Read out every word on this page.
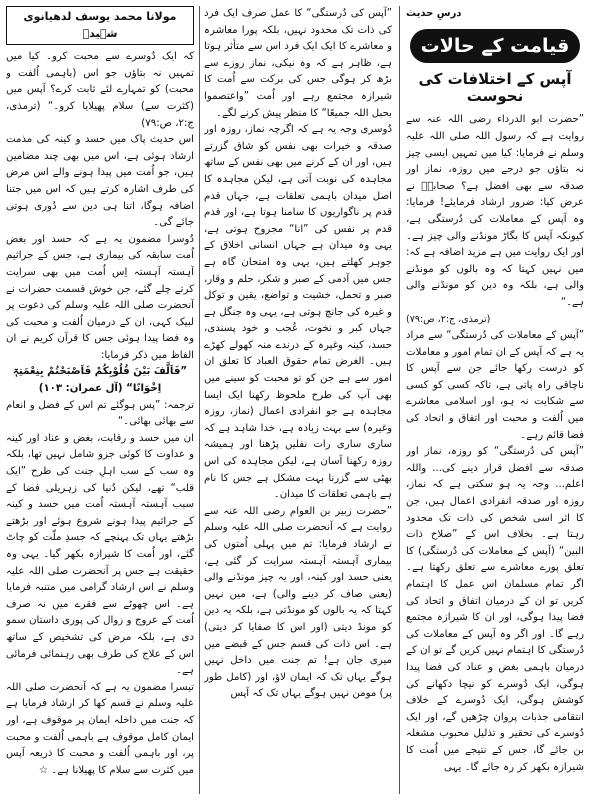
درسِ حدیث
قیامت کے حالات
آپس کے اختلافات کی نحوست

”حضرت ابو الدرداء رضی اللہ عنہ سے روایت ہے کہ رسول اللہ صلی اللہ علیہ وسلم نے فرمایا: کیا میں تمہیں ایسی چیز نہ بتاؤں جو درجے میں روزہ، نماز اور صدقہ سے بھی افضل ہے؟ صحابہؓ نے عرض کیا: ضرور ارشاد فرمایئے! فرمایا: وہ آپس کے معاملات کی دُرستگی ہے، کیونکہ آپس کا بگاڑ مونڈنے والی چیز ہے۔ اور ایک روایت میں ہے مزید اضافہ ہے کہ: میں نہیں کہتا کہ وہ بالوں کو مونڈنے والی ہے، بلکہ وہ دین کو مونڈنے والی ہے۔“

(ترمذی، ج:۲، ص:۷۹)

”آپس کے معاملات کی دُرستگی“ سے مراد یہ ہے کہ آپس کے ان تمام امور و معاملات کو درست رکھا جائے جن سے آپس کا ناچاقی راہ پاتی ہے، تاکہ کسی کو کسی سے شکایت نہ ہو، اور اسلامی معاشرے میں اُلفت و محبت اور اتفاق و اتحاد کی فضا قائم رہے۔

”آپس کی دُرستگی“ کو روزہ، نماز اور صدقہ سے افضل قرار دینے کی... واللہ اعلم... وجہ یہ ہو سکتی ہے کہ نماز، روزہ اور صدقہ انفرادی اعمال ہیں، جن کا اثر اسی شخص کی ذات تک محدود رہتا ہے۔ بخلاف اس کے ”صلاح ذات البین“ (آپس کے معاملات کی دُرستگی) کا تعلق پورے معاشرے سے تعلق رکھتا ہے۔ اگر تمام مسلمان اس عمل کا اہتمام کریں تو ان کے درمیان اتفاق و اتحاد کی فضا پیدا ہوگی، اور ان کا شیرازہ مجتمع رہے گا۔ اور اگر وہ آپس کے معاملات کی دُرستگی کا اہتمام نہیں کریں گے تو ان کے درمیان باہمی بغض و عناد کی فضا پیدا ہوگی، ایک دُوسرے کو نیچا دکھانے کی کوشش ہوگی، ایک دُوسرے کے خلاف انتقامی جذبات پروان چڑھیں گے، اور ایک دُوسرے کی تحقیر و تذلیل محبوب مشغلہ بن جائے گا، جس کے نتیجے میں اُمت کا شیرازہ بکھر کر رہ جائے گا۔ یہی

”آپس کی دُرستگی“ کا عمل صرف ایک فرد کی ذات تک محدود نہیں، بلکہ پورا معاشرہ و معاشرے کا ایک ایک فرد اس سے متأثر ہوتا ہے، ظاہر ہے کہ وہ نیکی، نماز روزے سے بڑھ کر ہوگی جس کی برکت سے اُمت کا شیرازہ مجتمع رہے اور اُمت ”واعتصموا بحبل اللہ جمیعًا“ کا منظر پیش کرنے لگے۔

دُوسری وجہ یہ ہے کہ اگرچہ نماز، روزہ اور صدقہ و خیرات بھی نفس کو شاق گزرتے ہیں، اور ان کے کرنے میں بھی نفس کے ساتھ مجاہدہ کی نوبت آتی ہے، لیکن مجاہدہ کا اصل میدان باہمی تعلقات ہے، جہاں قدم قدم پر ناگواریوں کا سامنا ہوتا ہے، اور قدم قدم پر نفس کی ”انا“ مجروح ہوتی ہے، یہی وہ میدان ہے جہاں انسانی اخلاق کے جوہر کھلتے ہیں، یہی وہ امتحان گاہ ہے جس میں آدمی کے صبر و شکر، حلم و وقار، صبر و تحمل، خشیت و تواضع، یقین و توکل و غیرہ کی جانچ ہوتی ہے، یہی وہ جنگل ہے جہاں کبر و نخوت، عُجب و خود پسندی، حسد، کینہ وغیرہ کے درندے منہ کھولے کھڑے ہیں۔ الغرض تمام حقوق العباد کا تعلق ان امور سے ہے جن کو تو محبت کو سینے میں بھی آپ کی طرح ملحوظ رکھنا ایک ایسا مجاہدہ ہے جو انفرادی اعمال (نماز، روزہ وغیرہ) سے بہت زیادہ ہے، خدا شاہد ہے کہ ساری ساری رات نفلیں پڑھنا اور ہمیشہ روزہ رکھنا آسان ہے، لیکن مجاہدہ کی اس بھٹی سے گزرنا بہت مشکل ہے جس کا نام ہے باہمی تعلقات کا میدان۔

”حضرت زبیر بن العوام رضی اللہ عنہ سے روایت ہے کہ آنحضرت صلی اللہ علیہ وسلم نے ارشاد فرمایا: تم میں پہلی اُمتوں کی بیماری آہستہ آہستہ سرایت کر گئی ہے، یعنی حسد اور کینہ، اور یہ چیز مونڈنے والی (یعنی صاف کر دینے والی) ہے، میں نہیں کہتا کہ یہ بالوں کو مونڈتی ہے، بلکہ یہ دین کو مونڈ دیتی (اور اس کا صفایا کر دیتی) ہے۔ اس ذات کی قسم جس کے قبضے میں میری جان ہے! تم جنت میں داخل نہیں ہوگے یہاں تک کہ ایمان لاؤ، اور (کامل طور پر) مومن نہیں ہوگے یہاں تک کہ آپس

مولانا محمد یوسف لدھیانوی شہیدؒ

کہ ایک دُوسرے سے محبت کرو۔ کیا میں تمہیں نہ بتاؤں جو اس (باہمی اُلفت و محبت) کو تمہارے لئے ثابت کرے؟ آپس میں (کثرت سے) سلام پھیلایا کرو۔“ (ترمذی، ج:۲، ص:۷۹)

اس حدیث پاک میں حسد و کینہ کی مذمت ارشاد ہوئی ہے، اس میں بھی چند مضامین ہیں، جو اُمت میں پیدا ہونے والے اس مرض کی طرف اشارہ کرتے ہیں کہ اس میں جتنا اضافہ ہوگا، اتنا ہی دین سے دُوری ہوتی جائے گی۔

دُوسرا مضمون یہ ہے کہ حسد اور بغض اُمت سابقہ کی بیماری ہے، جس کے جراثیم آہستہ آہستہ اِس اُمت میں بھی سرایت کرتے چلے گئے، جن خوش قسمت حضرات نے آنحضرت صلی اللہ علیہ وسلم کی دعوت پر لبیک کہی، ان کے درمیان اُلفت و محبت کی وہ فضا پیدا ہوئی جس کا قرآن کریم نے ان الفاظ میں ذکر فرمایا:

”فَاَلَّفَ بَیْنَ قُلُوْبِکُمْ فَاَصْبَحْتُمْ بِنِعْمَتِہٖٓ اِخْوَانًا“ (آل عمران: ۱۰۳)

ترجمہ: ”پس ہوگئے تم اس کے فضل و انعام سے بھائی بھائی۔“

ان میں حسد و رقابت، بغض و عناد اور کینہ و عداوت کا کوئی جزو شامل نہیں تھا، بلکہ وہ سب کے سب اہلِ جنت کی طرح ”ایک قلب“ تھے، لیکن دُنیا کی زہریلی فضا کے سبب آہستہ آہستہ اُمت میں حسد و کینہ کے جراثیم پیدا ہونے شروع ہوئے اور بڑھتے بڑھتے یہاں تک پہنچے کہ جسدِ ملّت کو چاٹ گئے، اور اُمت کا شیرازہ بکھر گیا۔ یہی وہ حقیقت ہے جس پر آنحضرت صلی اللہ علیہ وسلم نے اس ارشاد گرامی میں متنبہ فرمایا ہے۔ اس چھوٹے سے فقرے میں نہ صرف اُمت کے عروج و زوال کی پوری داستان سمو دی ہے، بلکہ مرض کی تشخیص کے ساتھ اس کے علاج کی طرف بھی رہنمائی فرمائی ہے۔

تیسرا مضمون یہ ہے کہ آنحضرت صلی اللہ علیہ وسلم نے قسم کھا کر ارشاد فرمایا ہے کہ جنت میں داخلہ ایمان پر موقوف ہے، اور ایمان کامل موقوف ہے باہمی اُلفت و محبت پر، اور باہمی اُلفت و محبت کا ذریعہ آپس میں کثرت سے سلام کا پھیلانا ہے۔ ☆
